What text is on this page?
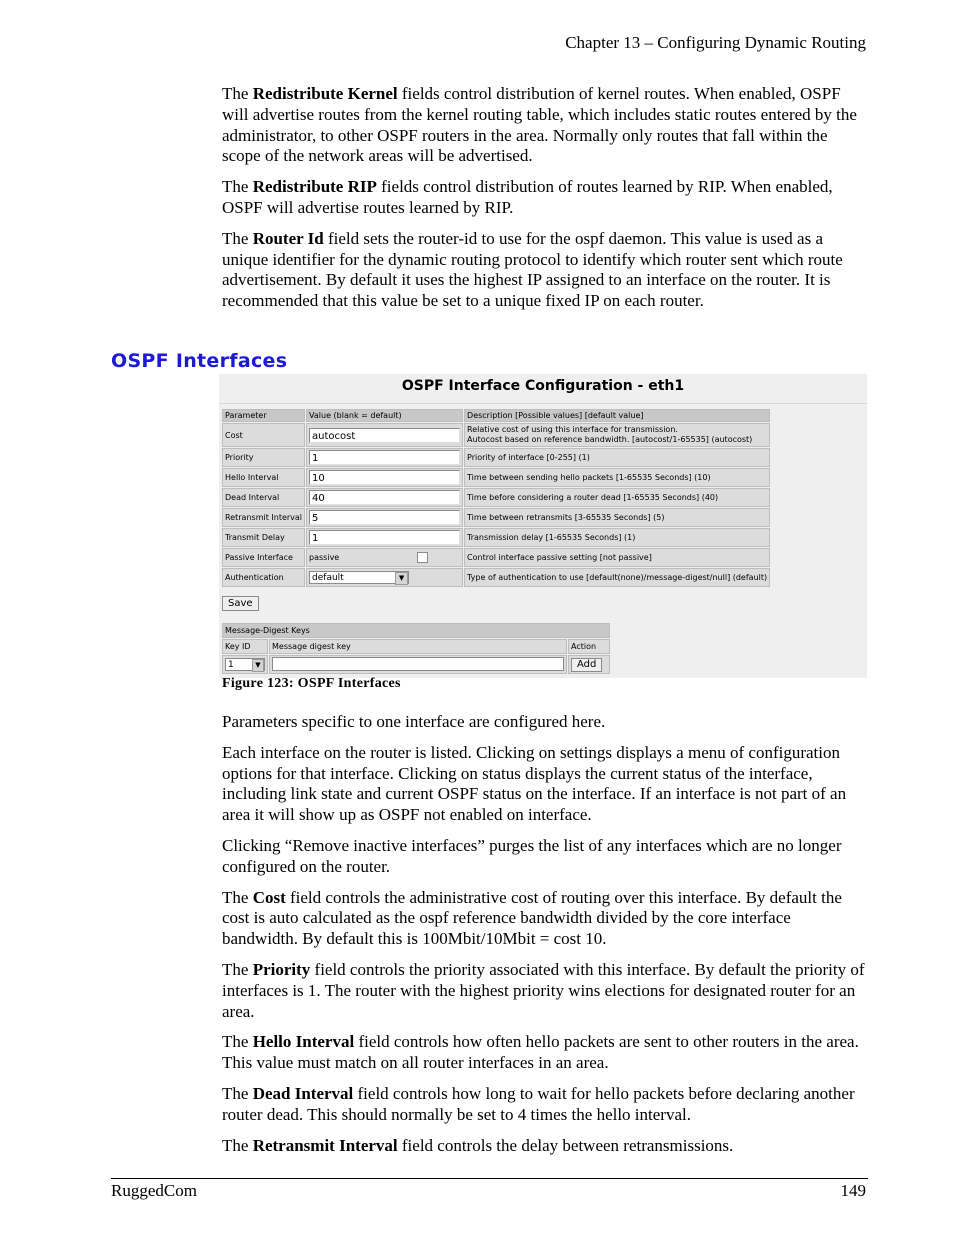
Chapter 13 – Configuring Dynamic Routing

The Redistribute Kernel fields control distribution of kernel routes. When enabled, OSPF will advertise routes from the kernel routing table, which includes static routes entered by the administrator, to other OSPF routers in the area. Normally only routes that fall within the scope of the network areas will be advertised.

The Redistribute RIP fields control distribution of routes learned by RIP. When enabled, OSPF will advertise routes learned by RIP.

The Router Id field sets the router-id to use for the ospf daemon. This value is used as a unique identifier for the dynamic routing protocol to identify which router sent which route advertisement. By default it uses the highest IP assigned to an interface on the router. It is recommended that this value be set to a unique fixed IP on each router.

OSPF Interfaces
OSPF Interface Configuration - eth1
Parameter	Value (blank = default)	Description [Possible values] [default value]
Cost	autocost	Relative cost of using this interface for transmission.
Autocost based on reference bandwidth. [autocost/1-65535] (autocost)
Priority	1	Priority of interface [0-255] (1)
Hello Interval	10	Time between sending hello packets [1-65535 Seconds] (10)
Dead Interval	40	Time before considering a router dead [1-65535 Seconds] (40)
Retransmit Interval	5	Time between retransmits [3-65535 Seconds] (5)
Transmit Delay	1	Transmission delay [1-65535 Seconds] (1)
Passive Interface	passive	Control interface passive setting [not passive]
Authentication	default ▼	Type of authentication to use [default(none)/message-digest/null] (default)
Save
Message-Digest Keys		
Key ID	Message digest key	Action
1 ▼		Add
Figure 123: OSPF Interfaces

Parameters specific to one interface are configured here.

Each interface on the router is listed. Clicking on settings displays a menu of configuration options for that interface. Clicking on status displays the current status of the interface, including link state and current OSPF status on the interface. If an interface is not part of an area it will show up as OSPF not enabled on interface.

Clicking “Remove inactive interfaces” purges the list of any interfaces which are no longer configured on the router.

The Cost field controls the administrative cost of routing over this interface. By default the cost is auto calculated as the ospf reference bandwidth divided by the core interface bandwidth. By default this is 100Mbit/10Mbit = cost 10.

The Priority field controls the priority associated with this interface. By default the priority of interfaces is 1. The router with the highest priority wins elections for designated router for an area.

The Hello Interval field controls how often hello packets are sent to other routers in the area. This value must match on all router interfaces in an area.

The Dead Interval field controls how long to wait for hello packets before declaring another router dead. This should normally be set to 4 times the hello interval.

The Retransmit Interval field controls the delay between retransmissions.

RuggedCom	149
